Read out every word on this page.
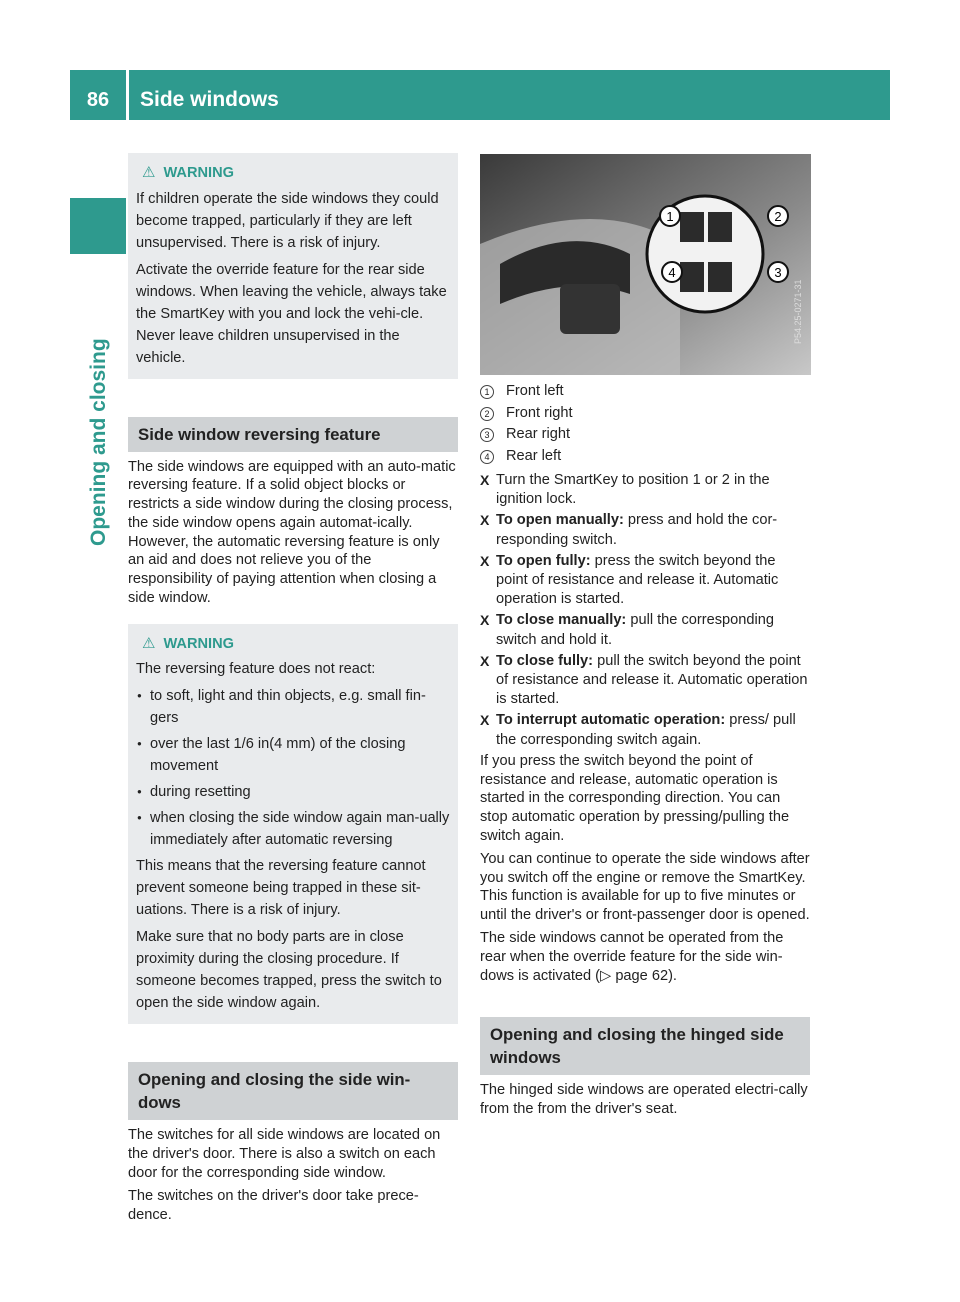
86	Side windows
Opening and closing
⚠ WARNING

If children operate the side windows they could become trapped, particularly if they are left unsupervised. There is a risk of injury.

Activate the override feature for the rear side windows. When leaving the vehicle, always take the SmartKey with you and lock the vehi-cle. Never leave children unsupervised in the vehicle.

Side window reversing feature

The side windows are equipped with an auto-matic reversing feature. If a solid object blocks or restricts a side window during the closing process, the side window opens again automat-ically. However, the automatic reversing feature is only an aid and does not relieve you of the responsibility of paying attention when closing a side window.

⚠ WARNING

The reversing feature does not react:

● to soft, light and thin objects, e.g. small fin-gers
● over the last 1/6 in(4 mm) of the closing movement
● during resetting
● when closing the side window again man-ually immediately after automatic reversing

This means that the reversing feature cannot prevent someone being trapped in these sit-uations. There is a risk of injury.

Make sure that no body parts are in close proximity during the closing procedure. If someone becomes trapped, press the switch to open the side window again.

Opening and closing the side win-dows

The switches for all side windows are located on the driver's door. There is also a switch on each door for the corresponding side window.

The switches on the driver's door take prece-dence.

1	2
4	3
P54.25-0271-31
1	Front left
2	Front right
3	Rear right
4	Rear left
X Turn the SmartKey to position 1 or 2 in the ignition lock.
X To open manually: press and hold the cor-responding switch.
X To open fully: press the switch beyond the point of resistance and release it. Automatic operation is started.
X To close manually: pull the corresponding switch and hold it.
X To close fully: pull the switch beyond the point of resistance and release it. Automatic operation is started.
X To interrupt automatic operation: press/ pull the corresponding switch again.

If you press the switch beyond the point of resistance and release, automatic operation is started in the corresponding direction. You can stop automatic operation by pressing/pulling the switch again.

You can continue to operate the side windows after you switch off the engine or remove the SmartKey. This function is available for up to five minutes or until the driver's or front-passenger door is opened.

The side windows cannot be operated from the rear when the override feature for the side win-dows is activated (▷ page 62).

Opening and closing the hinged side windows

The hinged side windows are operated electri-cally from the from the driver's seat.
